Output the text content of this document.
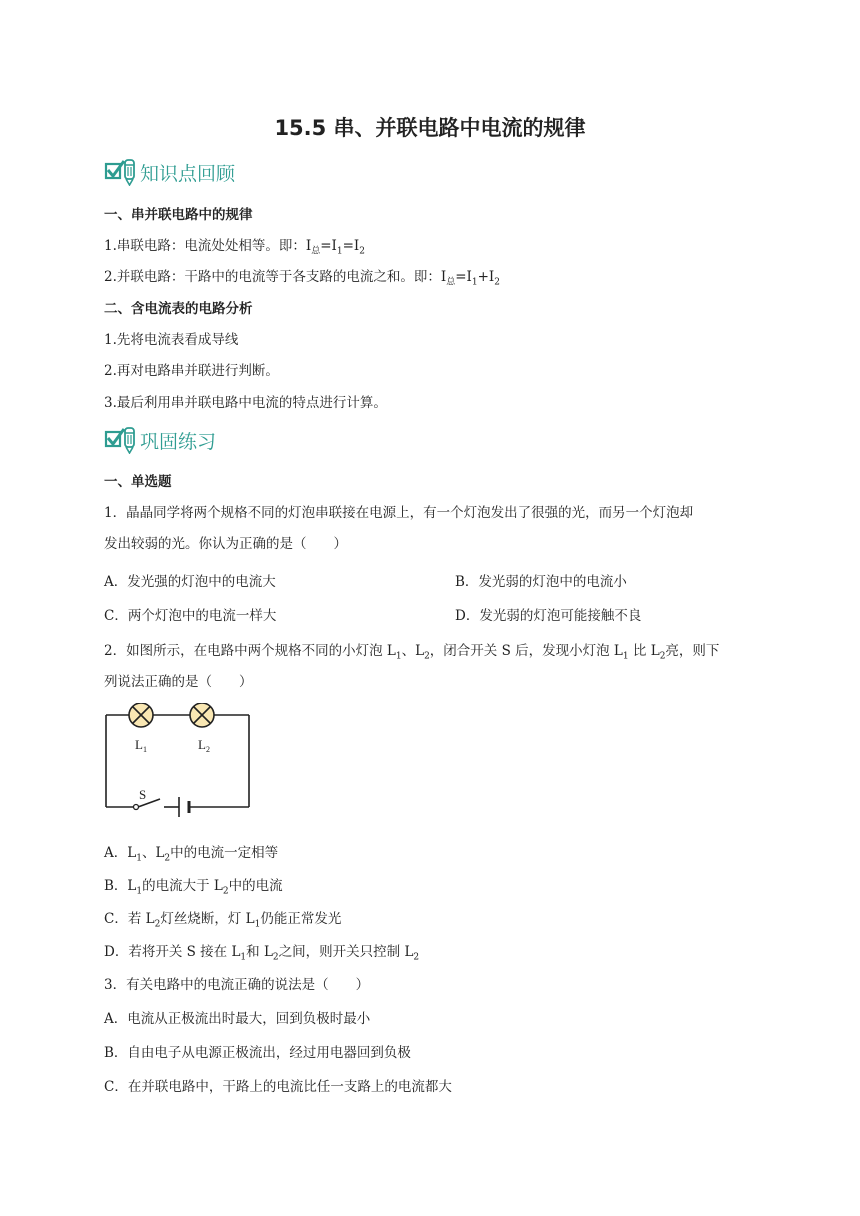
15.5 串、并联电路中电流的规律
知识点回顾
一、串并联电路中的规律
1.串联电路：电流处处相等。即：$I_总=I_1=I_2$
2.并联电路：干路中的电流等于各支路的电流之和。即：$I_总=I_1+I_2$
二、含电流表的电路分析
1.先将电流表看成导线
2.再对电路串并联进行判断。
3.最后利用串并联电路中电流的特点进行计算。
巩固练习
一、单选题
1．晶晶同学将两个规格不同的灯泡串联接在电源上，有一个灯泡发出了很强的光，而另一个灯泡却
发出较弱的光。你认为正确的是（　　）
A．发光强的灯泡中的电流大	B．发光弱的灯泡中的电流小
C．两个灯泡中的电流一样大	D．发光弱的灯泡可能接触不良
2．如图所示，在电路中两个规格不同的小灯泡 $L_1$、$L_2$，闭合开关 S 后，发现小灯泡 $L_1$ 比 $L_2$亮，则下
列说法正确的是（　　）
$L_1$	$L_2$
S
A．$L_1$、$L_2$中的电流一定相等
B．$L_1$的电流大于 $L_2$中的电流
C．若 $L_2$灯丝烧断，灯 $L_1$仍能正常发光
D．若将开关 S 接在 $L_1$和 $L_2$之间，则开关只控制 $L_2$
3．有关电路中的电流正确的说法是（　　）
A．电流从正极流出时最大，回到负极时最小
B．自由电子从电源正极流出，经过用电器回到负极
C．在并联电路中，干路上的电流比任一支路上的电流都大
